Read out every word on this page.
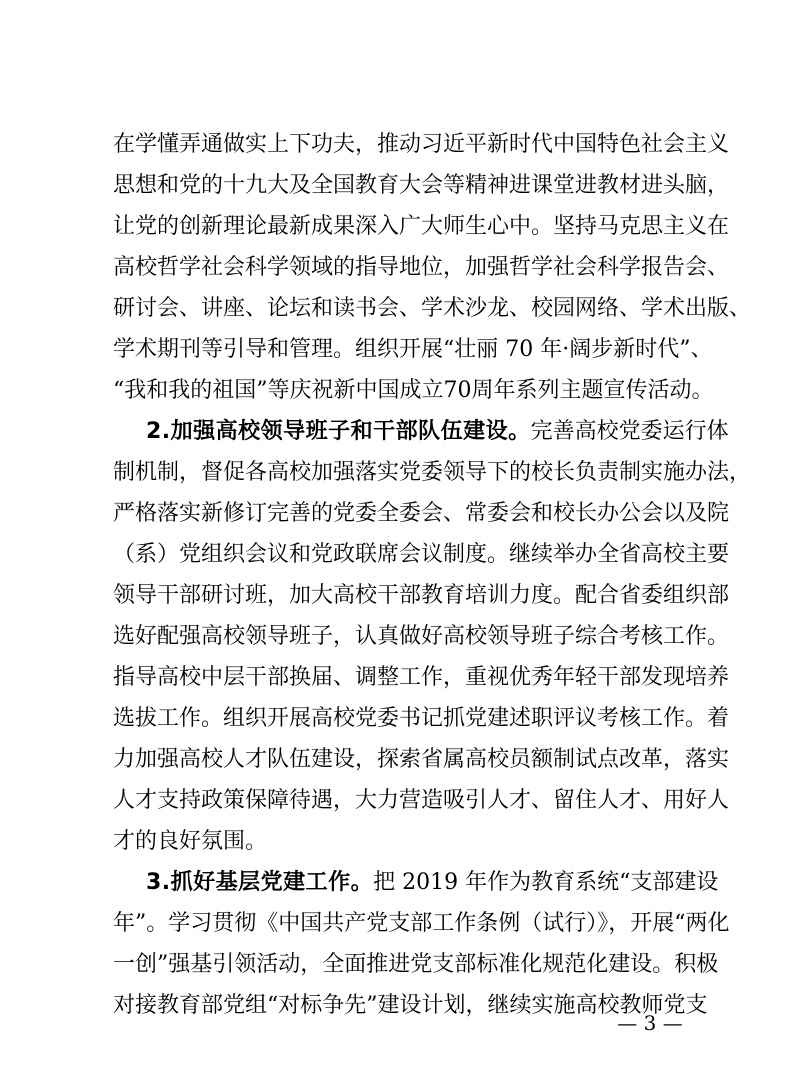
在学懂弄通做实上下功夫，推动习近平新时代中国特色社会主义
思想和党的十九大及全国教育大会等精神进课堂进教材进头脑，
让党的创新理论最新成果深入广大师生心中。坚持马克思主义在
高校哲学社会科学领域的指导地位，加强哲学社会科学报告会、
研讨会、讲座、论坛和读书会、学术沙龙、校园网络、学术出版、
学术期刊等引导和管理。组织开展“壮丽 70 年·阔步新时代”、
“我和我的祖国”等庆祝新中国成立70周年系列主题宣传活动。
2.加强高校领导班子和干部队伍建设。完善高校党委运行体
制机制，督促各高校加强落实党委领导下的校长负责制实施办法，
严格落实新修订完善的党委全委会、常委会和校长办公会以及院
（系）党组织会议和党政联席会议制度。继续举办全省高校主要
领导干部研讨班，加大高校干部教育培训力度。配合省委组织部
选好配强高校领导班子，认真做好高校领导班子综合考核工作。
指导高校中层干部换届、调整工作，重视优秀年轻干部发现培养
选拔工作。组织开展高校党委书记抓党建述职评议考核工作。着
力加强高校人才队伍建设，探索省属高校员额制试点改革，落实
人才支持政策保障待遇，大力营造吸引人才、留住人才、用好人
才的良好氛围。
3.抓好基层党建工作。把 2019 年作为教育系统“支部建设
年”。学习贯彻《中国共产党支部工作条例（试行）》，开展“两化
一创”强基引领活动，全面推进党支部标准化规范化建设。积极
对接教育部党组“对标争先”建设计划，继续实施高校教师党支
— 3 —
